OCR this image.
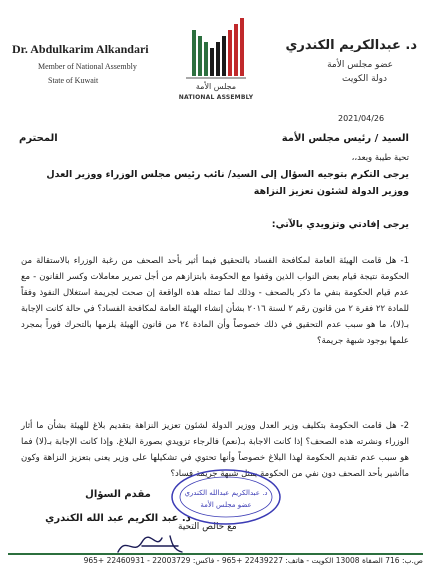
Dr. Abdulkarim Alkandari
Member of National Assembly
State of Kuwait
مجلس الأمة
NATIONAL ASSEMBLY
د. عبدالكريم الكندري
عضو مجلس الأمة
دولة الكويت
2021/04/26
السيد / رئيس مجلس الأمة
المحترم
تحية طيبة وبعد،،
يرجى التكرم بتوجيه السؤال إلى السيد/ نائب رئيس مجلس الوزراء ووزير العدل ووزير الدولة لشئون تعزيز النزاهة
يرجى إفادتي وتزويدي بالآتي:
1- هل قامت الهيئة العامة لمكافحة الفساد بالتحقيق فيما أثير بأحد الصحف من رغبة الوزراء بالاستقالة من الحكومة نتيجة قيام بعض النواب الذين وقفوا مع الحكومة بابتزازهم من أجل تمرير معاملات وكسر القانون - مع عدم قيام الحكومة بنفي ما ذكر بالصحف - وذلك لما تمثله هذه الواقعة إن صحت لجريمة استغلال النفوذ وفقاً للمادة ٢٢ فقرة ٢ من قانون رقم ٢ لسنة ٢٠١٦ بشأن إنشاء الهيئة العامة لمكافحة الفساد؟ في حالة كانت الإجابة بـ(لا)، ما هو سبب عدم التحقيق في ذلك خصوصاً وأن المادة ٢٤ من قانون الهيئة يلزمها بالتحرك فوراً بمجرد علمها بوجود شبهة جريمة؟
2- هل قامت الحكومة بتكليف وزير العدل ووزير الدولة لشئون تعزيز النزاهة بتقديم بلاغ للهيئة بشأن ما أثار الوزراء ونشرته هذه الصحف؟ إذا كانت الاجابة بـ(نعم) فالرجاء تزويدي بصورة البلاغ. وإذا كانت الإجابة بـ(لا) فما هو سبب عدم تقديم الحكومة لهذا البلاغ خصوصاً وأنها تحتوي في تشكيلها على وزير يعنى بتعزيز النزاهة وكون ماأشير بأحد الصحف دون نفي من الحكومة يمثل شبهة جريمة فساد؟
مع خالص التحية
د. عبدالكريم عبدالله الكندري
عضو مجلس الأمة
مقدم السؤال
د. عبد الكريم عبد الله الكندري
ص.ب: 716 الصفاة 13008 الكويت - هاتف: 22439227 +965 - فاكس: 22003729 - 22460931 +965
